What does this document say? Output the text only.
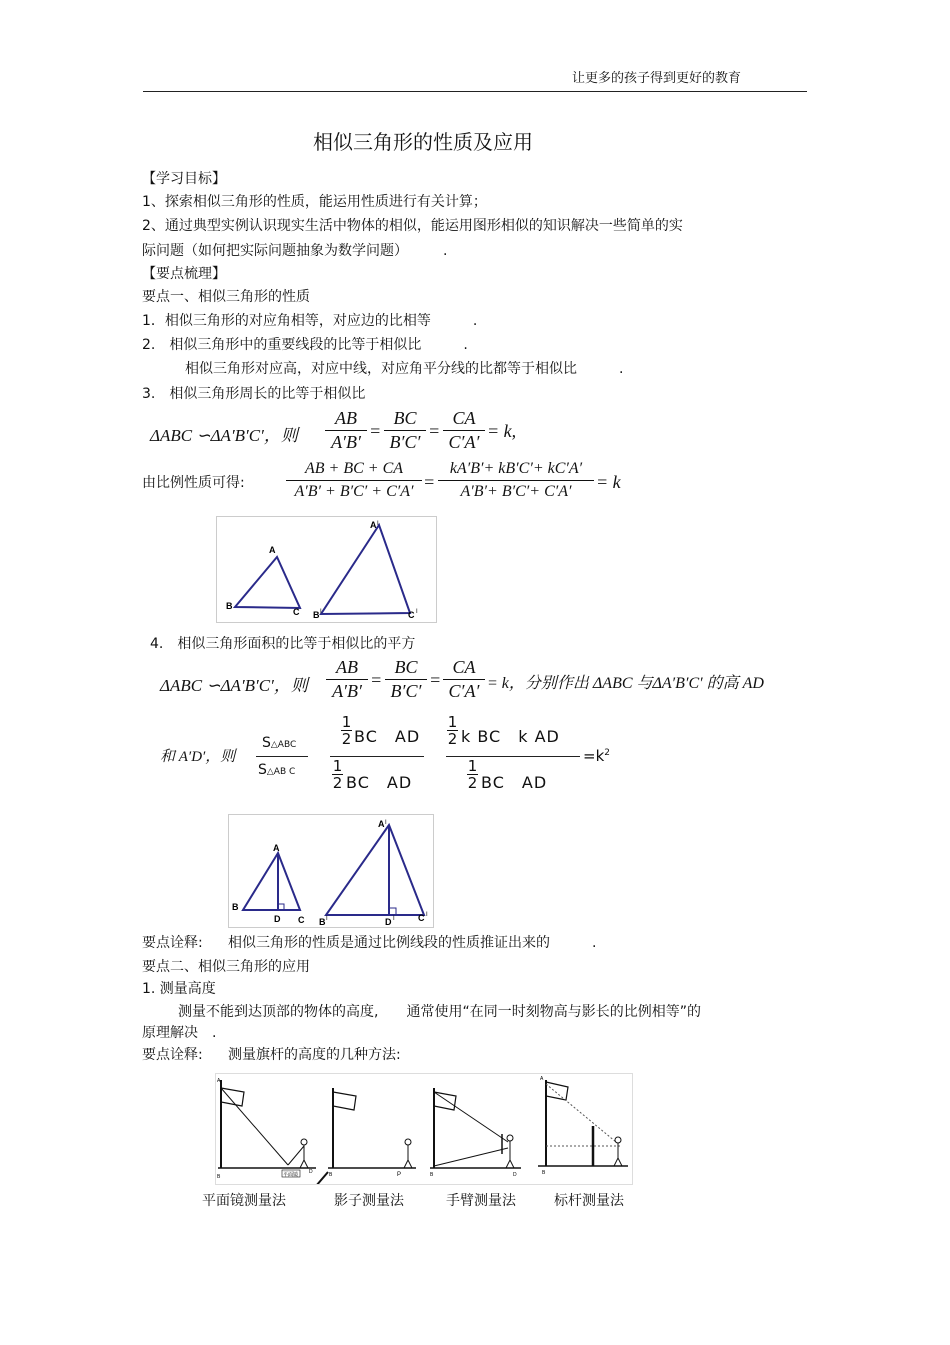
让更多的孩子得到更好的教育
相似三角形的性质及应用
【学习目标】
1、探索相似三角形的性质，能运用性质进行有关计算；
2、通过典型实例认识现实生活中物体的相似，能运用图形相似的知识解决一些简单的实
际问题（如何把实际问题抽象为数学问题）　　　.
【要点梳理】
要点一、相似三角形的性质
1．相似三角形的对应角相等，对应边的比相等　　　.
2.　相似三角形中的重要线段的比等于相似比　　　.
相似三角形对应高，对应中线，对应角平分线的比都等于相似比　　　.
3.　相似三角形周长的比等于相似比
ΔABC ∽ΔA′B′C′，则
AB
A′B′
=
BC
B′C′
=
CA
C′A′
= k,
由比例性质可得:
AB + BC + CA
A′B′ + B′C′ + C′A′ =
kA′B′+ kB′C′+ kC′A′
A′B′+ B′C′+ C′A′	= k
A
B
C
A I
B I	C I
4.　相似三角形面积的比等于相似比的平方
ΔABC ∽ΔA′B′C′，则
AB
A′B′
=
BC
B′C′
=
CA
C′A′ = k，分别作出 ΔABC 与ΔA′B′C′ 的高 AD
和 A′D′，则
S△ABC
S△AB C
1
2 BC　AD
1
2 BC　AD
1
2 k BC　k AD
1
2 BC　AD
$=k^2$
A
B
C
D
A I
B I	D I	C I
要点诠释: 相似三角形的性质是通过比例线段的性质推证出来的　　　.
要点二、相似三角形的应用
1. 测量高度
测量不能到达顶部的物体的高度,　　通常使用“在同一时刻物高与影长的比例相等”的
原理解决　.
要点诠释: 测量旗杆的高度的几种方法:
平面镜
B
A
D	P
B	B	D
A
B
平面镜测量法	影子测量法	手臂测量法	标杆测量法
